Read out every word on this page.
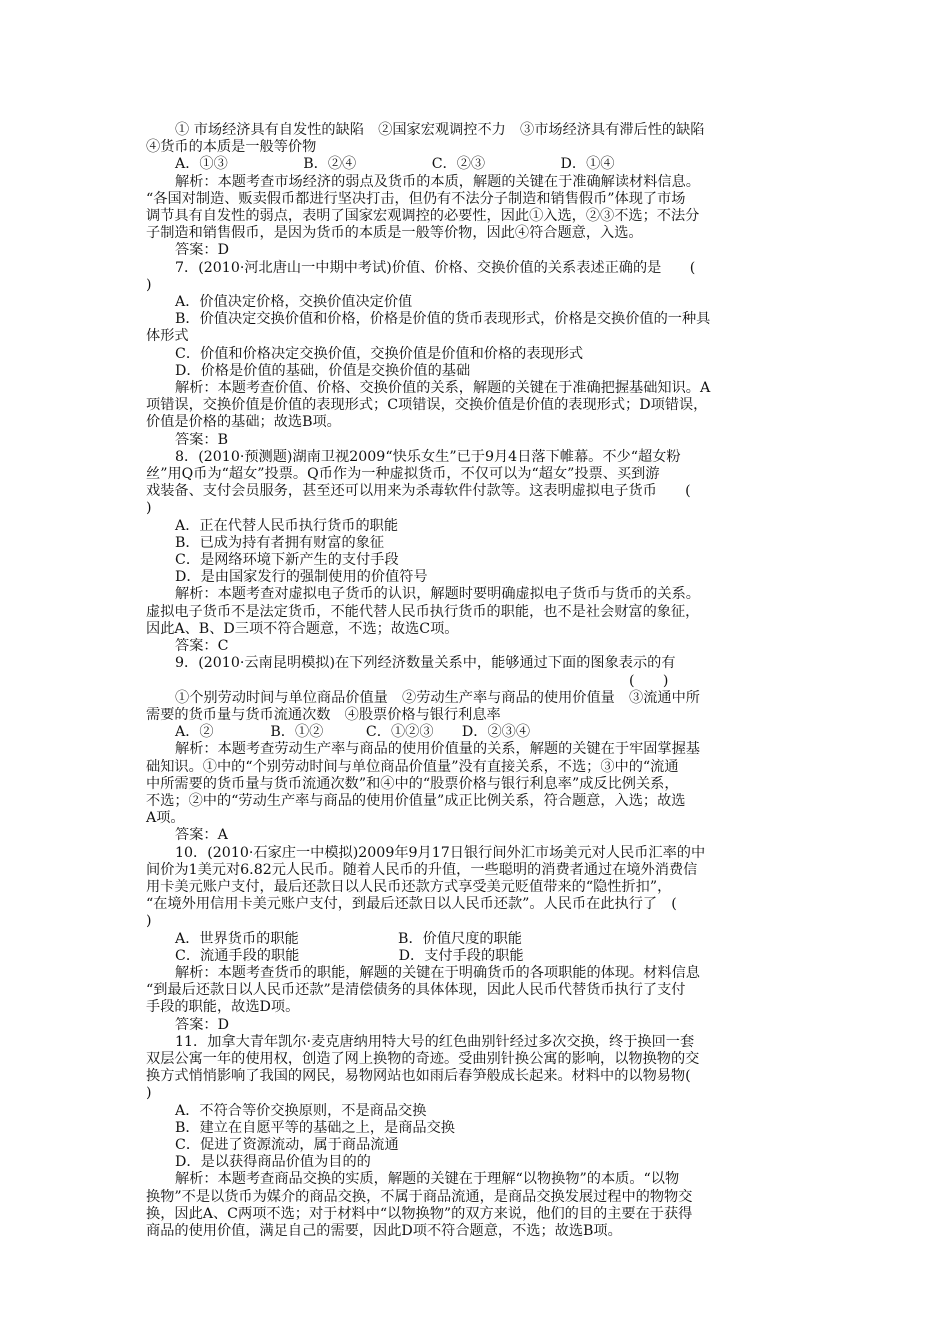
① 市场经济具有自发性的缺陷　②国家宏观调控不力　③市场经济具有滞后性的缺陷
④货币的本质是一般等价物
A．①③　　　　　 B．②④　　　　　 C．②③　　　　　 D．①④
解析：本题考查市场经济的弱点及货币的本质，解题的关键在于准确解读材料信息。
“各国对制造、贩卖假币都进行坚决打击，但仍有不法分子制造和销售假币”体现了市场
调节具有自发性的弱点，表明了国家宏观调控的必要性，因此①入选，②③不选；不法分
子制造和销售假币，是因为货币的本质是一般等价物，因此④符合题意，入选。
答案：D
7．(2010·河北唐山一中期中考试)价值、价格、交换价值的关系表述正确的是　　(
)
A．价值决定价格，交换价值决定价值
B．价值决定交换价值和价格，价格是价值的货币表现形式，价格是交换价值的一种具
体形式
C．价值和价格决定交换价值，交换价值是价值和价格的表现形式
D．价格是价值的基础，价值是交换价值的基础
解析：本题考查价值、价格、交换价值的关系，解题的关键在于准确把握基础知识。A
项错误，交换价值是价值的表现形式；C项错误，交换价值是价值的表现形式；D项错误，
价值是价格的基础；故选B项。
答案：B
8．(2010·预测题)湖南卫视2009“快乐女生”已于9月4日落下帷幕。不少“超女粉
丝”用Q币为“超女”投票。Q币作为一种虚拟货币，不仅可以为“超女”投票、买到游
戏装备、支付会员服务，甚至还可以用来为杀毒软件付款等。这表明虚拟电子货币　　(
)
A．正在代替人民币执行货币的职能
B．已成为持有者拥有财富的象征
C．是网络环境下新产生的支付手段
D．是由国家发行的强制使用的价值符号
解析：本题考查对虚拟电子货币的认识，解题时要明确虚拟电子货币与货币的关系。
虚拟电子货币不是法定货币，不能代替人民币执行货币的职能，也不是社会财富的象征，
因此A、B、D三项不符合题意，不选；故选C项。
答案：C
9．(2010·云南昆明模拟)在下列经济数量关系中，能够通过下面的图象表示的有
　　　　　　　　　　　　　　　　　　　　　　　　　　　　　　　　(　　)
①个别劳动时间与单位商品价值量　②劳动生产率与商品的使用价值量　③流通中所
需要的货币量与货币流通次数　④股票价格与银行利息率
A．②　　　　B．①②　　　C．①②③　　D．②③④
解析：本题考查劳动生产率与商品的使用价值量的关系，解题的关键在于牢固掌握基
础知识。①中的“个别劳动时间与单位商品价值量”没有直接关系，不选；③中的“流通
中所需要的货币量与货币流通次数”和④中的“股票价格与银行利息率”成反比例关系，
不选；②中的“劳动生产率与商品的使用价值量”成正比例关系，符合题意，入选；故选
A项。
答案：A
10．(2010·石家庄一中模拟)2009年9月17日银行间外汇市场美元对人民币汇率的中
间价为1美元对6.82元人民币。随着人民币的升值，一些聪明的消费者通过在境外消费信
用卡美元账户支付，最后还款日以人民币还款方式享受美元贬值带来的“隐性折扣”，
“在境外用信用卡美元账户支付，到最后还款日以人民币还款”。人民币在此执行了　(
)
A．世界货币的职能　　　　　　　B．价值尺度的职能
C．流通手段的职能　　　　　　　D．支付手段的职能
解析：本题考查货币的职能，解题的关键在于明确货币的各项职能的体现。材料信息
“到最后还款日以人民币还款”是清偿债务的具体体现，因此人民币代替货币执行了支付
手段的职能，故选D项。
答案：D
11．加拿大青年凯尔·麦克唐纳用特大号的红色曲别针经过多次交换，终于换回一套
双层公寓一年的使用权，创造了网上换物的奇迹。受曲别针换公寓的影响，以物换物的交
换方式悄悄影响了我国的网民，易物网站也如雨后春笋般成长起来。材料中的以物易物(
)
A．不符合等价交换原则，不是商品交换
B．建立在自愿平等的基础之上，是商品交换
C．促进了资源流动，属于商品流通
D．是以获得商品价值为目的的
解析：本题考查商品交换的实质，解题的关键在于理解“以物换物”的本质。“以物
换物”不是以货币为媒介的商品交换，不属于商品流通，是商品交换发展过程中的物物交
换，因此A、C两项不选；对于材料中“以物换物”的双方来说，他们的目的主要在于获得
商品的使用价值，满足自己的需要，因此D项不符合题意，不选；故选B项。
